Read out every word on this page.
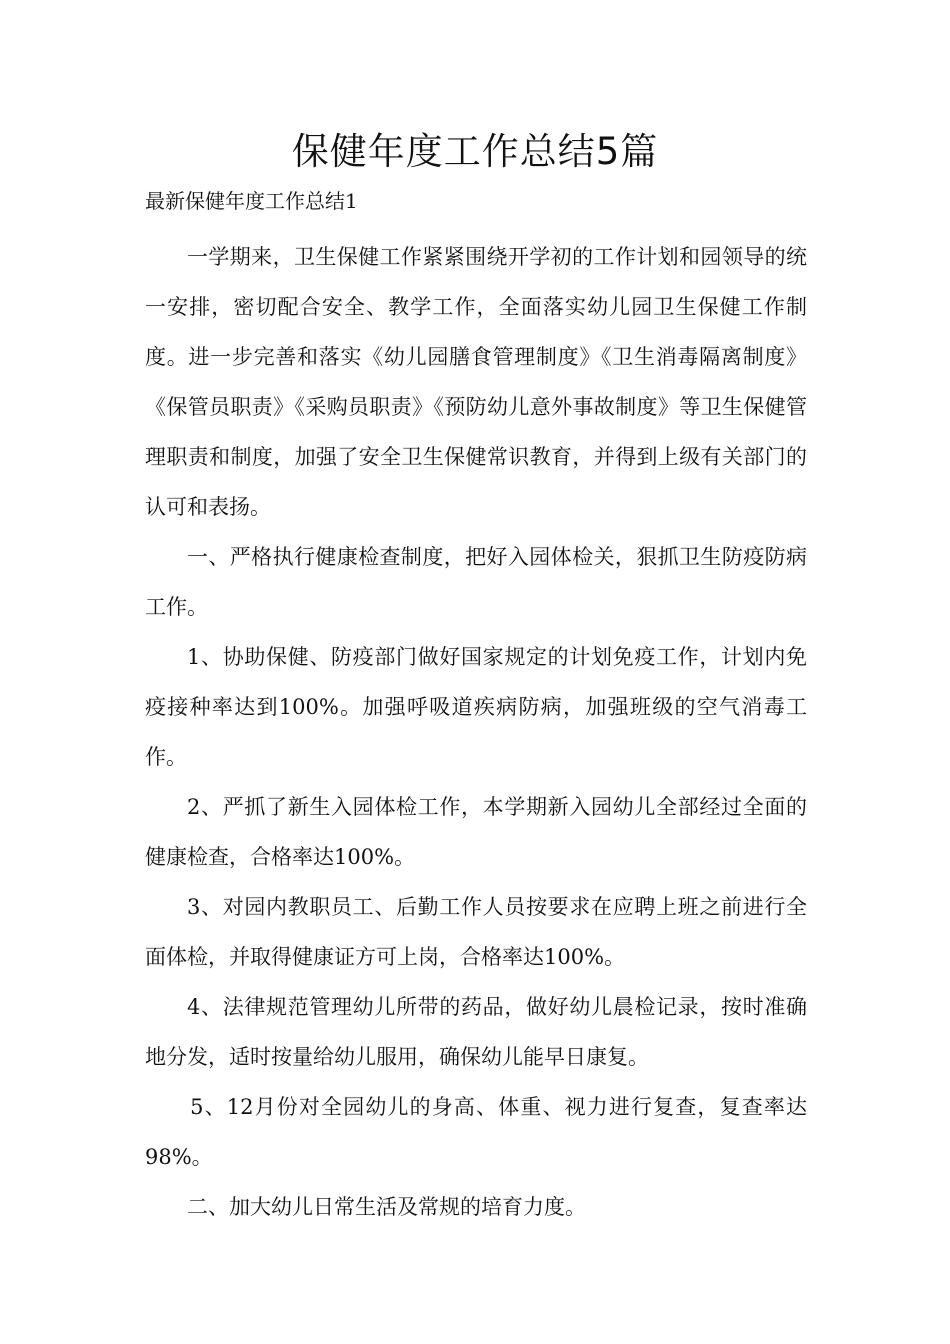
保健年度工作总结5篇
最新保健年度工作总结1

一学期来，卫生保健工作紧紧围绕开学初的工作计划和园领导的统一安排，密切配合安全、教学工作，全面落实幼儿园卫生保健工作制度。进一步完善和落实《幼儿园膳食管理制度》《卫生消毒隔离制度》《保管员职责》《采购员职责》《预防幼儿意外事故制度》等卫生保健管理职责和制度，加强了安全卫生保健常识教育，并得到上级有关部门的认可和表扬。

一、严格执行健康检查制度，把好入园体检关，狠抓卫生防疫防病工作。

1、协助保健、防疫部门做好国家规定的计划免疫工作，计划内免疫接种率达到100%。加强呼吸道疾病防病，加强班级的空气消毒工作。

2、严抓了新生入园体检工作，本学期新入园幼儿全部经过全面的健康检查，合格率达100%。

3、对园内教职员工、后勤工作人员按要求在应聘上班之前进行全面体检，并取得健康证方可上岗，合格率达100%。

4、法律规范管理幼儿所带的药品，做好幼儿晨检记录，按时准确地分发，适时按量给幼儿服用，确保幼儿能早日康复。

5、12月份对全园幼儿的身高、体重、视力进行复查，复查率达98%。

二、加大幼儿日常生活及常规的培育力度。
